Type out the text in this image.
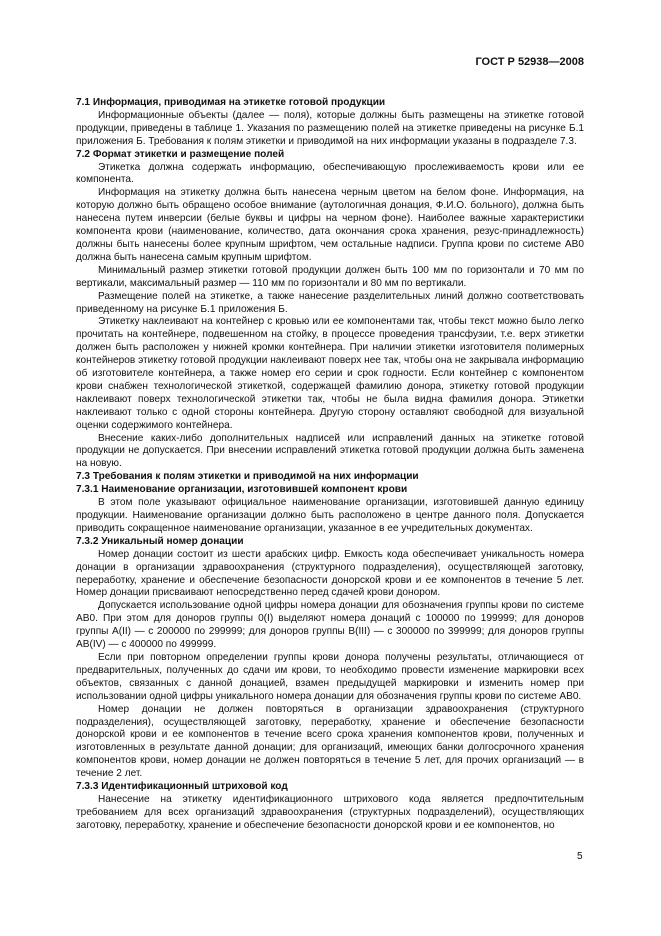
ГОСТ Р 52938—2008
7.1 Информация, приводимая на этикетке готовой продукции
Информационные объекты (далее — поля), которые должны быть размещены на этикетке готовой продукции, приведены в таблице 1. Указания по размещению полей на этикетке приведены на рисунке Б.1 приложения Б. Требования к полям этикетки и приводимой на них информации указаны в подразделе 7.3.
7.2 Формат этикетки и размещение полей
Этикетка должна содержать информацию, обеспечивающую прослеживаемость крови или ее компонента.
Информация на этикетку должна быть нанесена черным цветом на белом фоне. Информация, на которую должно быть обращено особое внимание (аутологичная донация, Ф.И.О. больного), должна быть нанесена путем инверсии (белые буквы и цифры на черном фоне). Наиболее важные характеристики компонента крови (наименование, количество, дата окончания срока хранения, резус-принадлежность) должны быть нанесены более крупным шрифтом, чем остальные надписи. Группа крови по системе АВ0 должна быть нанесена самым крупным шрифтом.
Минимальный размер этикетки готовой продукции должен быть 100 мм по горизонтали и 70 мм по вертикали, максимальный размер — 110 мм по горизонтали и 80 мм по вертикали.
Размещение полей на этикетке, а также нанесение разделительных линий должно соответствовать приведенному на рисунке Б.1 приложения Б.
Этикетку наклеивают на контейнер с кровью или ее компонентами так, чтобы текст можно было легко прочитать на контейнере, подвешенном на стойку, в процессе проведения трансфузии, т.е. верх этикетки должен быть расположен у нижней кромки контейнера. При наличии этикетки изготовителя полимерных контейнеров этикетку готовой продукции наклеивают поверх нее так, чтобы она не закрывала информацию об изготовителе контейнера, а также номер его серии и срок годности. Если контейнер с компонентом крови снабжен технологической этикеткой, содержащей фамилию донора, этикетку готовой продукции наклеивают поверх технологической этикетки так, чтобы не была видна фамилия донора. Этикетки наклеивают только с одной стороны контейнера. Другую сторону оставляют свободной для визуальной оценки содержимого контейнера.
Внесение каких-либо дополнительных надписей или исправлений данных на этикетке готовой продукции не допускается. При внесении исправлений этикетка готовой продукции должна быть заменена на новую.
7.3 Требования к полям этикетки и приводимой на них информации
7.3.1 Наименование организации, изготовившей компонент крови
В этом поле указывают официальное наименование организации, изготовившей данную единицу продукции. Наименование организации должно быть расположено в центре данного поля. Допускается приводить сокращенное наименование организации, указанное в ее учредительных документах.
7.3.2 Уникальный номер донации
Номер донации состоит из шести арабских цифр. Емкость кода обеспечивает уникальность номера донации в организации здравоохранения (структурного подразделения), осуществляющей заготовку, переработку, хранение и обеспечение безопасности донорской крови и ее компонентов в течение 5 лет. Номер донации присваивают непосредственно перед сдачей крови донором.
Допускается использование одной цифры номера донации для обозначения группы крови по системе АВ0. При этом для доноров группы 0(I) выделяют номера донаций с 100000 по 199999; для доноров группы А(II) — с 200000 по 299999; для доноров группы В(III) — с 300000 по 399999; для доноров группы АВ(IV) — с 400000 по 499999.
Если при повторном определении группы крови донора получены результаты, отличающиеся от предварительных, полученных до сдачи им крови, то необходимо провести изменение маркировки всех объектов, связанных с данной донацией, взамен предыдущей маркировки и изменить номер при использовании одной цифры уникального номера донации для обозначения группы крови по системе АВ0.
Номер донации не должен повторяться в организации здравоохранения (структурного подразделения), осуществляющей заготовку, переработку, хранение и обеспечение безопасности донорской крови и ее компонентов в течение всего срока хранения компонентов крови, полученных и изготовленных в результате данной донации; для организаций, имеющих банки долгосрочного хранения компонентов крови, номер донации не должен повторяться в течение 5 лет, для прочих организаций — в течение 2 лет.
7.3.3 Идентификационный штриховой код
Нанесение на этикетку идентификационного штрихового кода является предпочтительным требованием для всех организаций здравоохранения (структурных подразделений), осуществляющих заготовку, переработку, хранение и обеспечение безопасности донорской крови и ее компонентов, но
5
